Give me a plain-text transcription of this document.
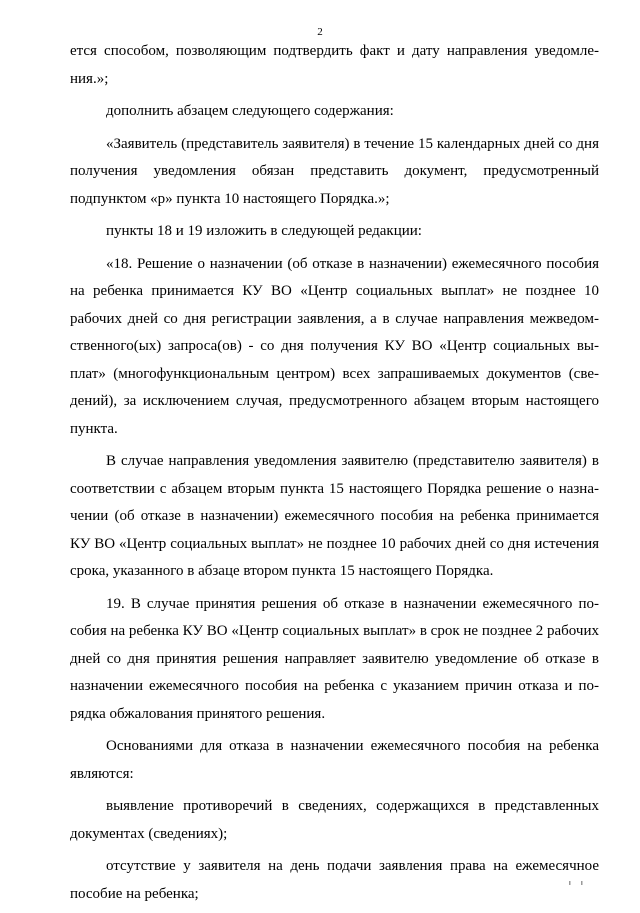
2

ется способом, позволяющим подтвердить факт и дату направления уведомления.»;

дополнить абзацем следующего содержания:

«Заявитель (представитель заявителя) в течение 15 календарных дней со дня получения уведомления обязан представить документ, предусмотренный подпунктом «р» пункта 10 настоящего Порядка.»;

пункты 18 и 19 изложить в следующей редакции:

«18. Решение о назначении (об отказе в назначении) ежемесячного пособия на ребенка принимается КУ ВО «Центр социальных выплат» не позднее 10 рабочих дней со дня регистрации заявления, а в случае направления межведомственного(ых) запроса(ов) - со дня получения КУ ВО «Центр социальных выплат» (многофункциональным центром) всех запрашиваемых документов (сведений), за исключением случая, предусмотренного абзацем вторым настоящего пункта.

В случае направления уведомления заявителю (представителю заявителя) в соответствии с абзацем вторым пункта 15 настоящего Порядка решение о назначении (об отказе в назначении) ежемесячного пособия на ребенка принимается КУ ВО «Центр социальных выплат» не позднее 10 рабочих дней со дня истечения срока, указанного в абзаце втором пункта 15 настоящего Порядка.

19. В случае принятия решения об отказе в назначении ежемесячного пособия на ребенка КУ ВО «Центр социальных выплат» в срок не позднее 2 рабочих дней со дня принятия решения направляет заявителю уведомление об отказе в назначении ежемесячного пособия на ребенка с указанием причин отказа и порядка обжалования принятого решения.

Основаниями для отказа в назначении ежемесячного пособия на ребенка являются:

выявление противоречий в сведениях, содержащихся в представленных документах (сведениях);

отсутствие у заявителя на день подачи заявления права на ежемесячное пособие на ребенка;
